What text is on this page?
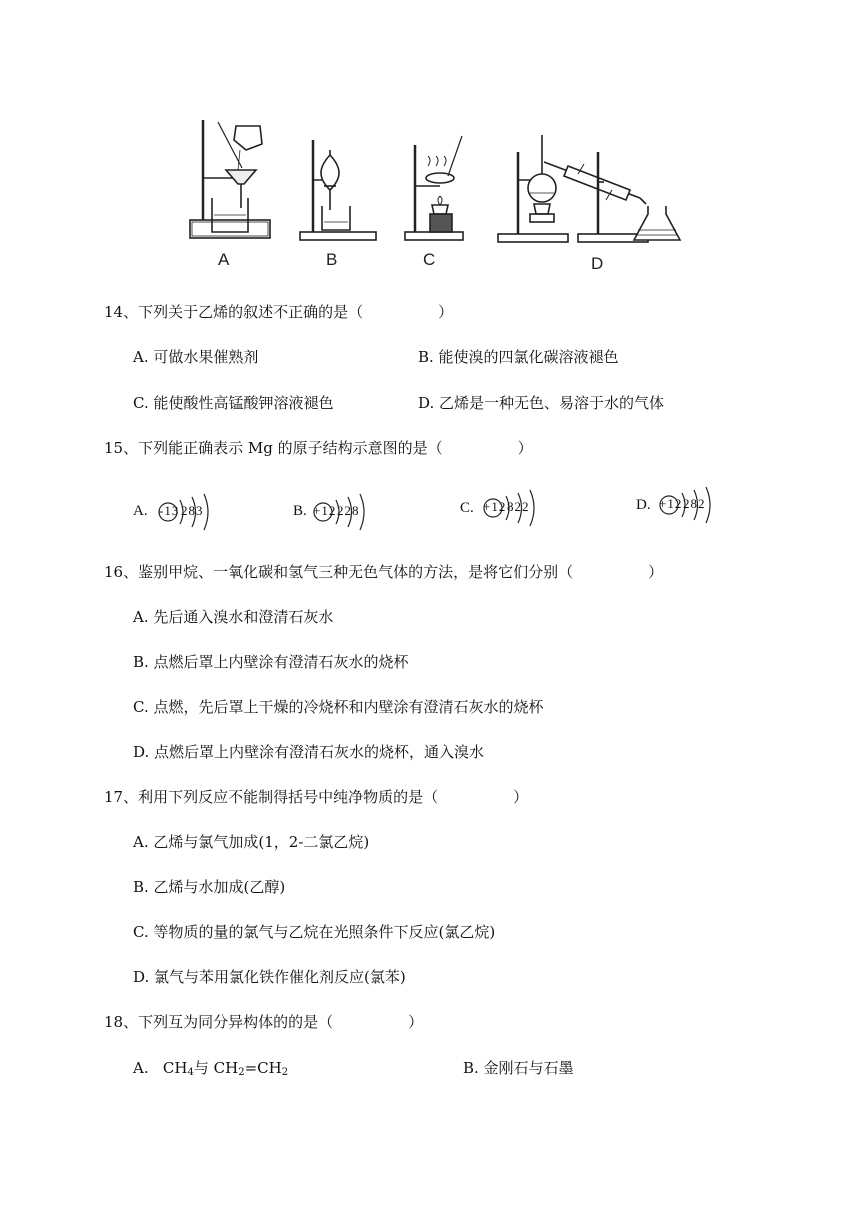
A	B	C	D
14、下列关于乙烯的叙述不正确的是（　　　　　）
A. 可做水果催熟剂	B. 能使溴的四氯化碳溶液褪色
C. 能使酸性高锰酸钾溶液褪色	D. 乙烯是一种无色、易溶于水的气体
15、下列能正确表示 Mg 的原子结构示意图的是（　　　　　）
A. -13 283	B. +12 228	C. +12 822	D. +12 282
16、鉴别甲烷、一氧化碳和氢气三种无色气体的方法，是将它们分别（　　　　　）
A. 先后通入溴水和澄清石灰水
B. 点燃后罩上内壁涂有澄清石灰水的烧杯
C. 点燃，先后罩上干燥的冷烧杯和内壁涂有澄清石灰水的烧杯
D. 点燃后罩上内壁涂有澄清石灰水的烧杯，通入溴水
17、利用下列反应不能制得括号中纯净物质的是（　　　　　）
A. 乙烯与氯气加成(1，2-二氯乙烷)
B. 乙烯与水加成(乙醇)
C. 等物质的量的氯气与乙烷在光照条件下反应(氯乙烷)
D. 氯气与苯用氯化铁作催化剂反应(氯苯)
18、下列互为同分异构体的的是（　　　　　）
A. $CH_4$与 $CH_2=CH_2$	B. 金刚石与石墨
